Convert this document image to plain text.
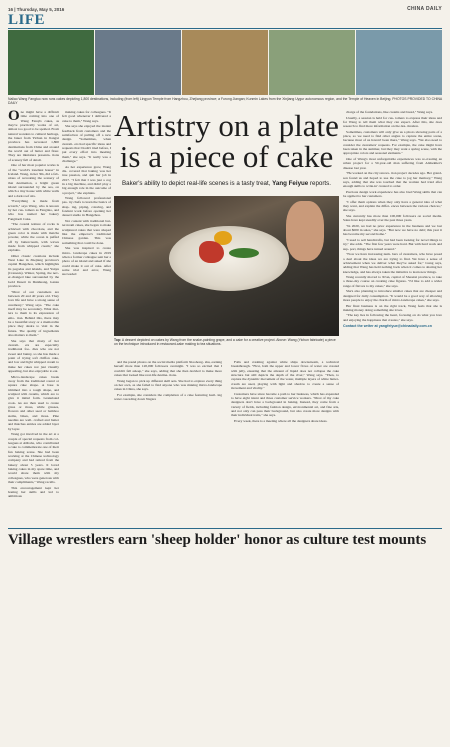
16 | Thursday, May 5, 2016	CHINA DAILY
LIFE
Naliao Wang Fangtuo now runs cakes depicting 1,800 destinations, including (from left) Lingyun Temple from Hangzhou, Zhejiang province; a Furong Jiangan; Kunmin Lakes from the Xinjiang Uygur autonomous region, and the Temple of Heaven in Beijing. PHOTOS PROVIDED TO CHINA DAILY

One might have a difficult time coming into one of Wang Fanqi's cakes, as they're practically works of art, almost too good to be spoiled. From natural wonders to cultural heritage, the baker from Yichun in Jiangxi province has recreated 1,800 destinations from China and around the world out of butter and flour. They are miniature presenta- tions of scenery full of detail.

One of her most popular works is of the "world's loneliest house" in Iceland. Wang, in her 30s, did a fab- ulous of recreating the scenery of that destination, a bright green island surrounded by the sea, on which a tiny house with white walls and a dark roof sits.

"Everything is made from scratch," says Wang, who is known by her cus- tomers as Fangtiao, and who has named her bakery Fangtiaoli Cake.

"The coastal texture of rocks is achieved with chocolate, and the green color is made with matcha powder, while the ocean is puffed off by buttercream, with waves made from whipped cream," she explains.

Other classic creations include West Lake in Zhejiang province's capital Hangzhou, which highlights its pagodas and islands, and Yanyu (Cranesia). Winter, Spring, the nev- er-changed lake surrounded by the Gold Desert in Dunhuang, Gansu province.

"Most of our customers are between 20 and 40 years old. They love life and have a strong sense of ceremony," Wang says. "The cake itself may be secondary. What mat- ters to them is its expression of emo- tion. Behind this, there may be a beautiful story or a memorable place they desire to visit in the future. The quality of ingredients also matters to them."

She says that many of her custom- ers are especially traditional foo- dies who are not sweet and bunny, so she has made a point of trying soft chiffon cake, and low and light whipped cream to make her cakes not just visually appealing, but also enjoyable to eat.

Micro-landscape cakes break away from the traditional round or square cake shape. A base is trimmed into a rough shape, and sculpted with creams, which are to give it initial form. Granulated cook- ies are then used to create grass or moss, while grasses, flowers and other seed or bamboo stems, bikes, and moss. Pine needles are well- crafted and butter and thatches entries are added layer by layer.

Wang got involved in the art at a couple of special requests from col- leagues at Alibaba, who contributed a cake to commemorate one of their fun baking scene. She had been working at the Chinese technology company and had retired from the bakery about 5 years. It loved baking cakes in my spare time, and would share them with my colleagues, who were generous with their compliments," Wang recalls.

This encouragement kept her honing her skills and led to ambitious

making cakes for colleagues. "It felt good whenever I delivered a cake to them," Wang says.

She says she enjoyed the instant feedback from customers and the satisfaction of pulling off a new design. "Sometimes, when custom- ers had specific ideas and requests that I hadn't tried before, I put every effort into meeting them," she says. "It really was a challenge."

As her experience grew, Wang dis- covered that baking was her true passion, and quit her job in 2017. "I felt that I was just a cog in a big machine, and didn't play a big enough role in the outcome of a project," she explains.

Wang followed professional pas- try chefs to learn the basics of shap- ing, piping, coloring, and fondant work before opening her dessert studio in Hangzhou.

Not content with traditional but- tercream cakes, she began to make sculptured cakes that were shaped like the emperor's traditional Chinese garden. This was something that could be done.

She was inspired to create micro- landscape cakes in 2019 when a former colleague sent her a photo of an island and asked if she could make it out of cake. After some trial and error, Wang succeeded

Artistry on a plate is a piece of cake
Baker's ability to depict real-life scenes is a tasty treat, Yang Feiyue reports.
Top: A dessert depicted on cakes by Wang from the snake-painting grape, and a cake for a creative project. Above: Wang (Yichun fabricate) a piece on the technique introduced in restaurant-cake making to tea situations.

and the pastel photos on the social media platform Xiaohong- shu, earning herself more than 120,000 followers overnight. "I was so excited that I couldn't fall asleep," she says, adding that she then decided to make more cakes that looked like real-life destina- tions.

Wang began to pick up different skill sets. She had to explore every thing on her own, as she failed to find anyone who was making micro-landscape cakes in China, she says.

For example, she considers the completion of a cake featuring Guil- ing water cascading down Nagara

Falls and crashing against white ships downstream, a technical breakthrough. "First, both the upper and lower flows of water are created with jelly, ensuring that the amount of liquid does not collapse the cake structure but still depicts the depth of the river," Wang says. "Then, to capture the dynamic movement of the water, multiple layers of white butter- cream are used, playing with light and shadow to create a sense of movement and vitality."

Customers have since become a path to her business, which has expanded to have eight talent and three customer service workers. "Most of my cake designers don't have a background in baking. Instead, they come from a variety of fields, including fashion design, environmental art, and fine arts, and not only can pass their background, but also create more designs with their individual traits," she says.

Every week, there is a meeting where all the designers share ideas.

charge of the foundations, like creams and bread," Wang says.

Usually, a session is held for cus- tomers to express their ideas and for Wang to tell them what they can expect. After this, she does research to find more information on the des- tination.

Sometimes, customers will only give us a photo showing parts of a place, so we need to find other angles to capture the entire scene, because most of us haven't been there," Wang says. "We also need to consider the customers' requests. For example, the cake might have been taken in the summer, but they may want a spring scene, with the appropriate colors and seasonal elements."

One of Wang's most unforgettable experiences was re-creating an urban project for a 50-year-old man suffering from Alzheimer's disease last year.

"He worked on the city renova- tion project decades ago. Her grand- son found us and hoped to use the cake to jog her memory," Wang says, adding that she was touched that the woman had tried after enough skills to write-in' created to order.

Precious design work experience has also bred Wang skills that can be applied to her customers.

"I offer them options when they only have a general idea of what they want, and explain the differ- ences between the various choices," she says.

She currently has more than 100,000 followers on social media. Sales have kept steadily over the past three years.

"In 2020, we had no prior experience in the business and we lost about $000 in sales," she says. "But now we have no debt; this year it has become my second home."

"I used to sell handicrafts, but had been looking for novel things to try," she adds. "The first few years were hard. But with hard work and sup- port, things have turned around."

"Now we have increasing num- bers of customers, who have posed a deal about the ideas we are trying to find. We have a sense of achievement when we deliver what they've asked for," Liang says, adding that Wang has held nothing back when it comes to sharing her knowledge, and has always taken the initiative to learn new things.

Wang recently moved to Xi'an, capital of Shaanxi province, to take a three-day course on creating cake figures. "I'd like to add a wider range of flavors to my cakes," she says.

She's also planning to introduce smaller cakes that are cheaper and designed for daily consumption. "It would be a good way of allowing more people to enjoy the charm of micro-landscape cakes," she says.

Her final business is on the right track, Wang feels that she is making money doing something she loves.

"The key lies in following the heart, focusing on do what you love and enjoying the happiness that creates," she says.

Contact the writer at yangfeiyue@chinadaily.com.cn
Village wrestlers earn 'sheep holder' honor as culture test mounts
